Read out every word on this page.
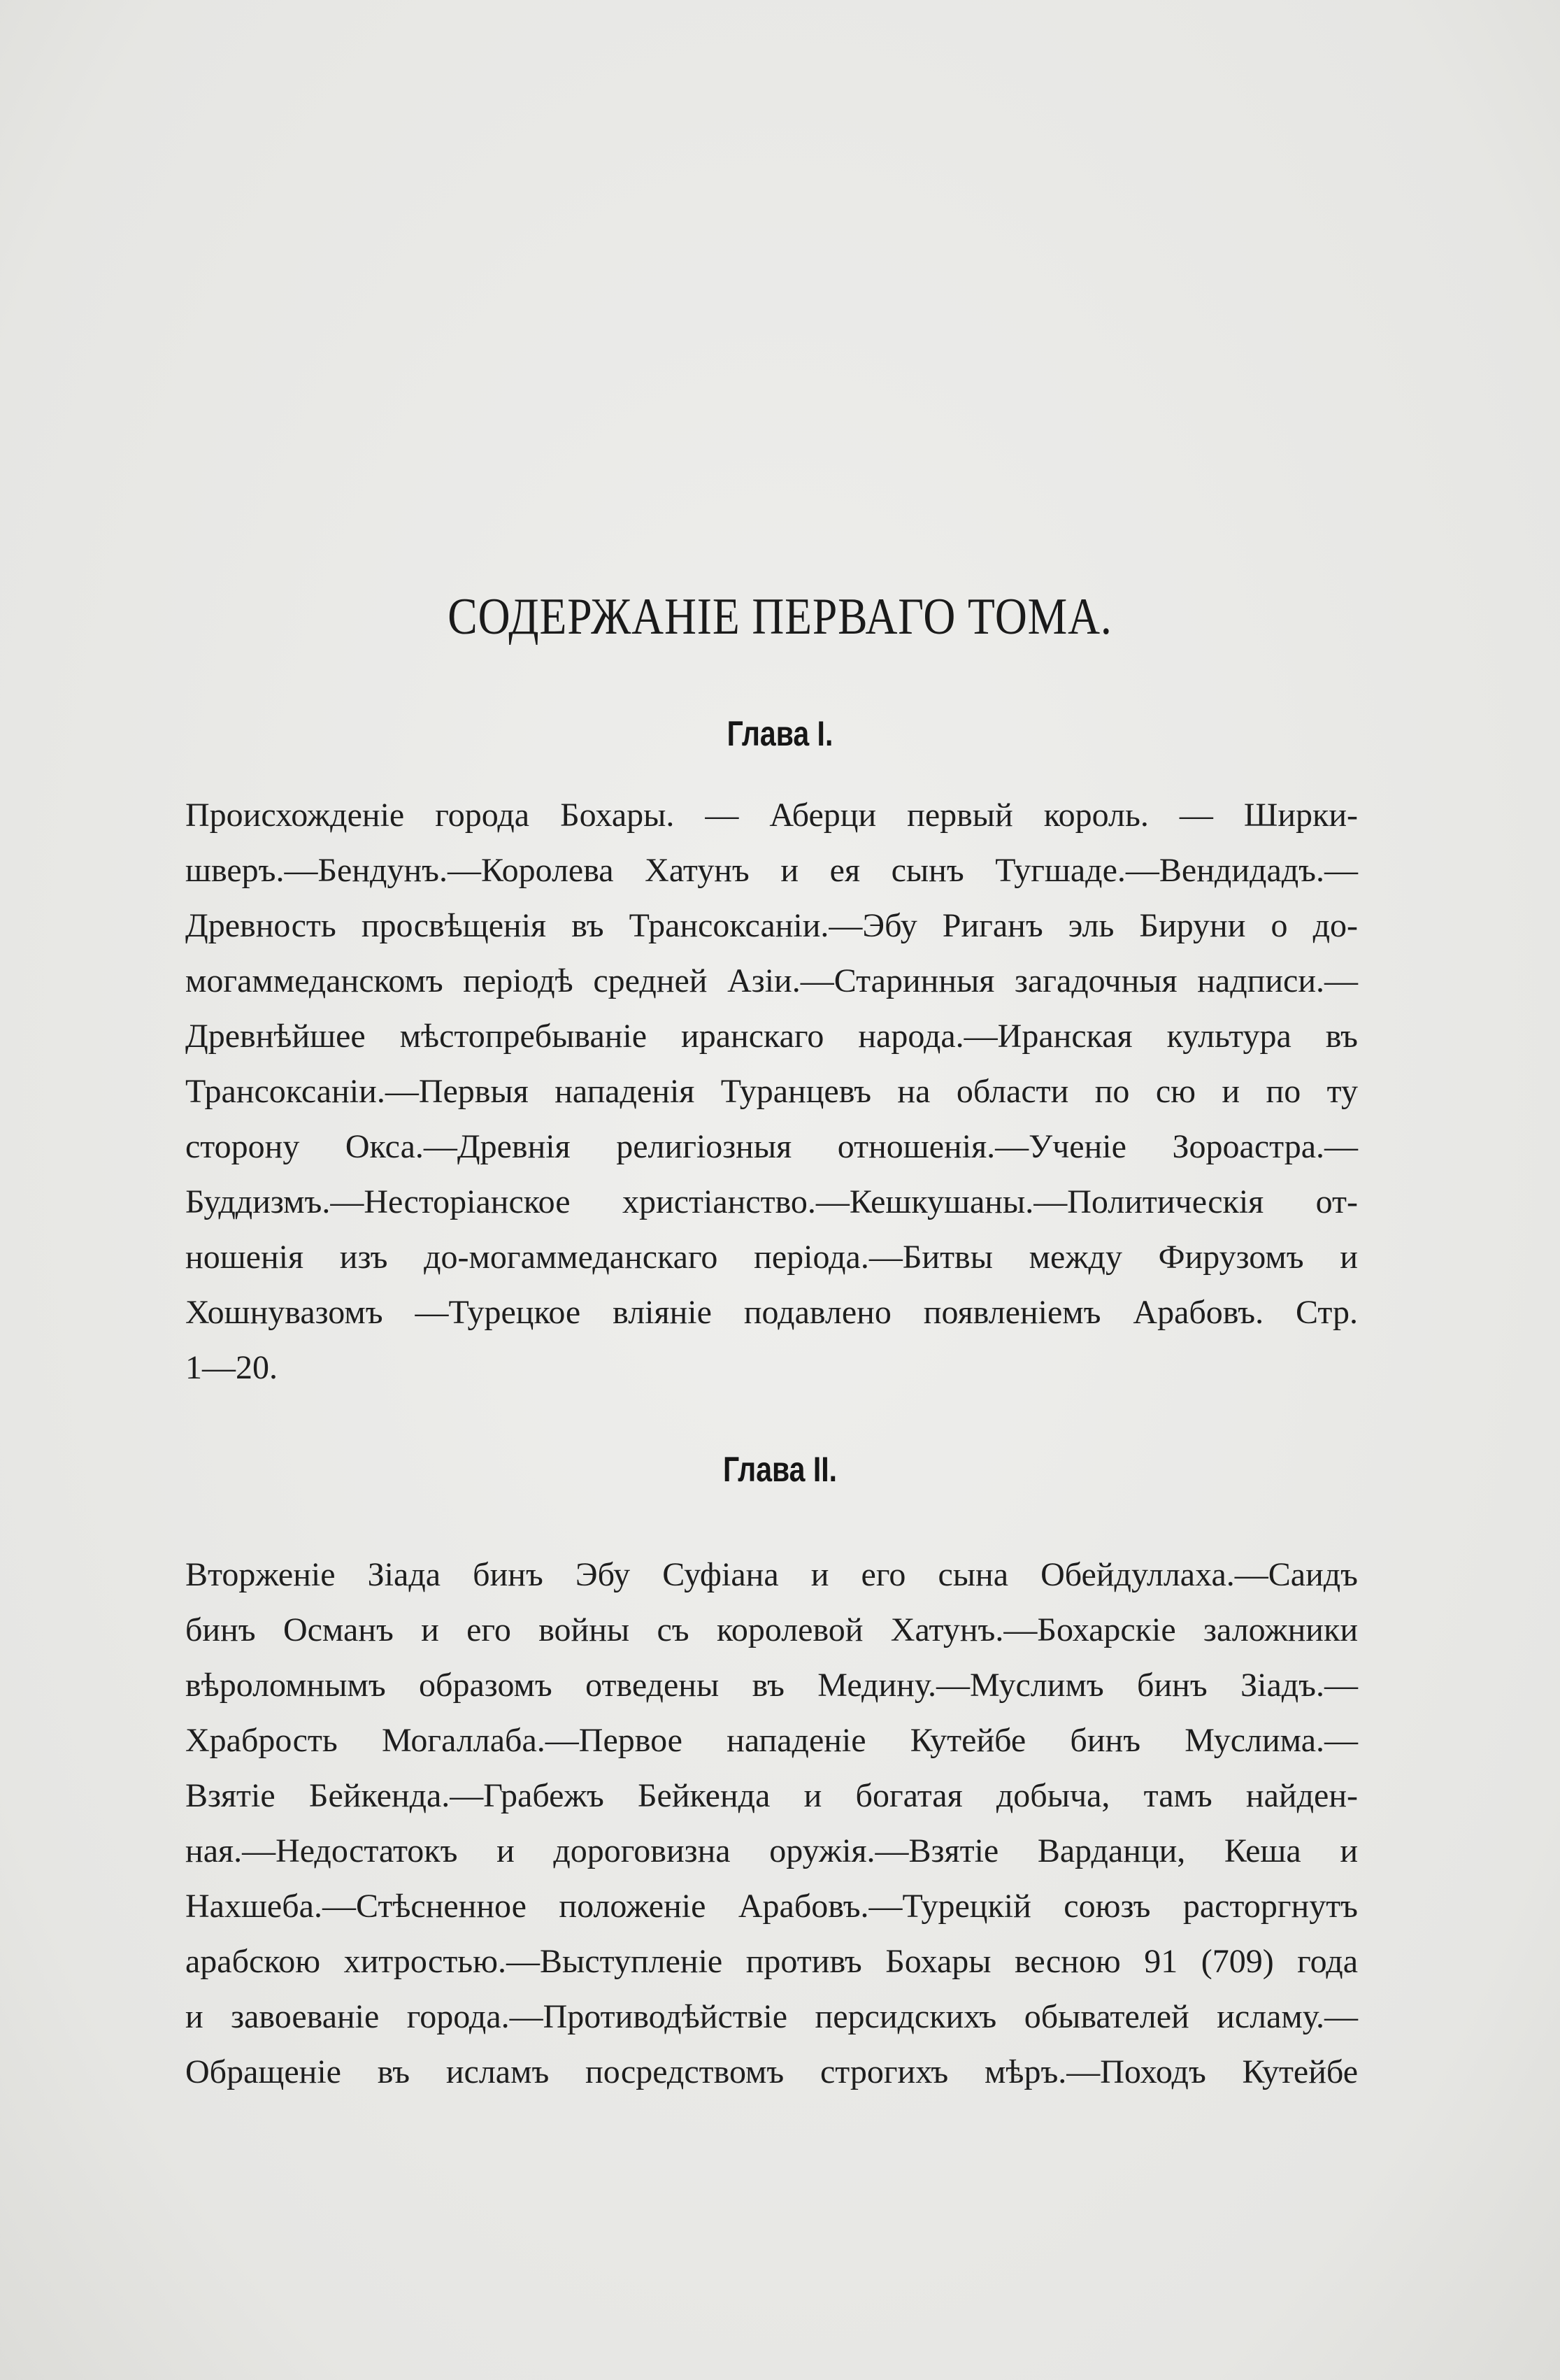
СОДЕРЖАНІЕ ПЕРВАГО ТОМА.
Глава I.
Происхожденіе города Бохары. — Аберци первый король. — Ширки-
шверъ.—Бендунъ.—Королева Хатунъ и ея сынъ Тугшаде.—Вендидадъ.—
Древность просвѣщенія въ Трансоксаніи.—Эбу Риганъ эль Бируни о до-
могаммеданскомъ періодѣ средней Азіи.—Старинныя загадочныя надписи.—
Древнѣйшее мѣстопребываніе иранскаго народа.—Иранская культура въ
Трансоксаніи.—Первыя нападенія Туранцевъ на области по сю и по ту
сторону Окса.—Древнія религіозныя отношенія.—Ученіе Зороастра.—
Буддизмъ.—Несторіанское христіанство.—Кешкушаны.—Политическія от-
ношенія изъ до-могаммеданскаго періода.—Битвы между Фирузомъ и
Хошнувазомъ —Турецкое вліяніе подавлено появленіемъ Арабовъ. Стр.
1—20.
Глава II.
Вторженіе Зіада бинъ Эбу Суфіана и его сына Обейдуллаха.—Саидъ
бинъ Османъ и его войны съ королевой Хатунъ.—Бохарскіе заложники
вѣроломнымъ образомъ отведены въ Медину.—Муслимъ бинъ Зіадъ.—
Храбрость Могаллаба.—Первое нападеніе Кутейбе бинъ Муслима.—
Взятіе Бейкенда.—Грабежъ Бейкенда и богатая добыча, тамъ найден-
ная.—Недостатокъ и дороговизна оружія.—Взятіе Варданци, Кеша и
Нахшеба.—Стѣсненное положеніе Арабовъ.—Турецкій союзъ расторгнутъ
арабскою хитростью.—Выступленіе противъ Бохары весною 91 (709) года
и завоеваніе города.—Противодѣйствіе персидскихъ обывателей исламу.—
Обращеніе въ исламъ посредствомъ строгихъ мѣръ.—Походъ Кутейбе
